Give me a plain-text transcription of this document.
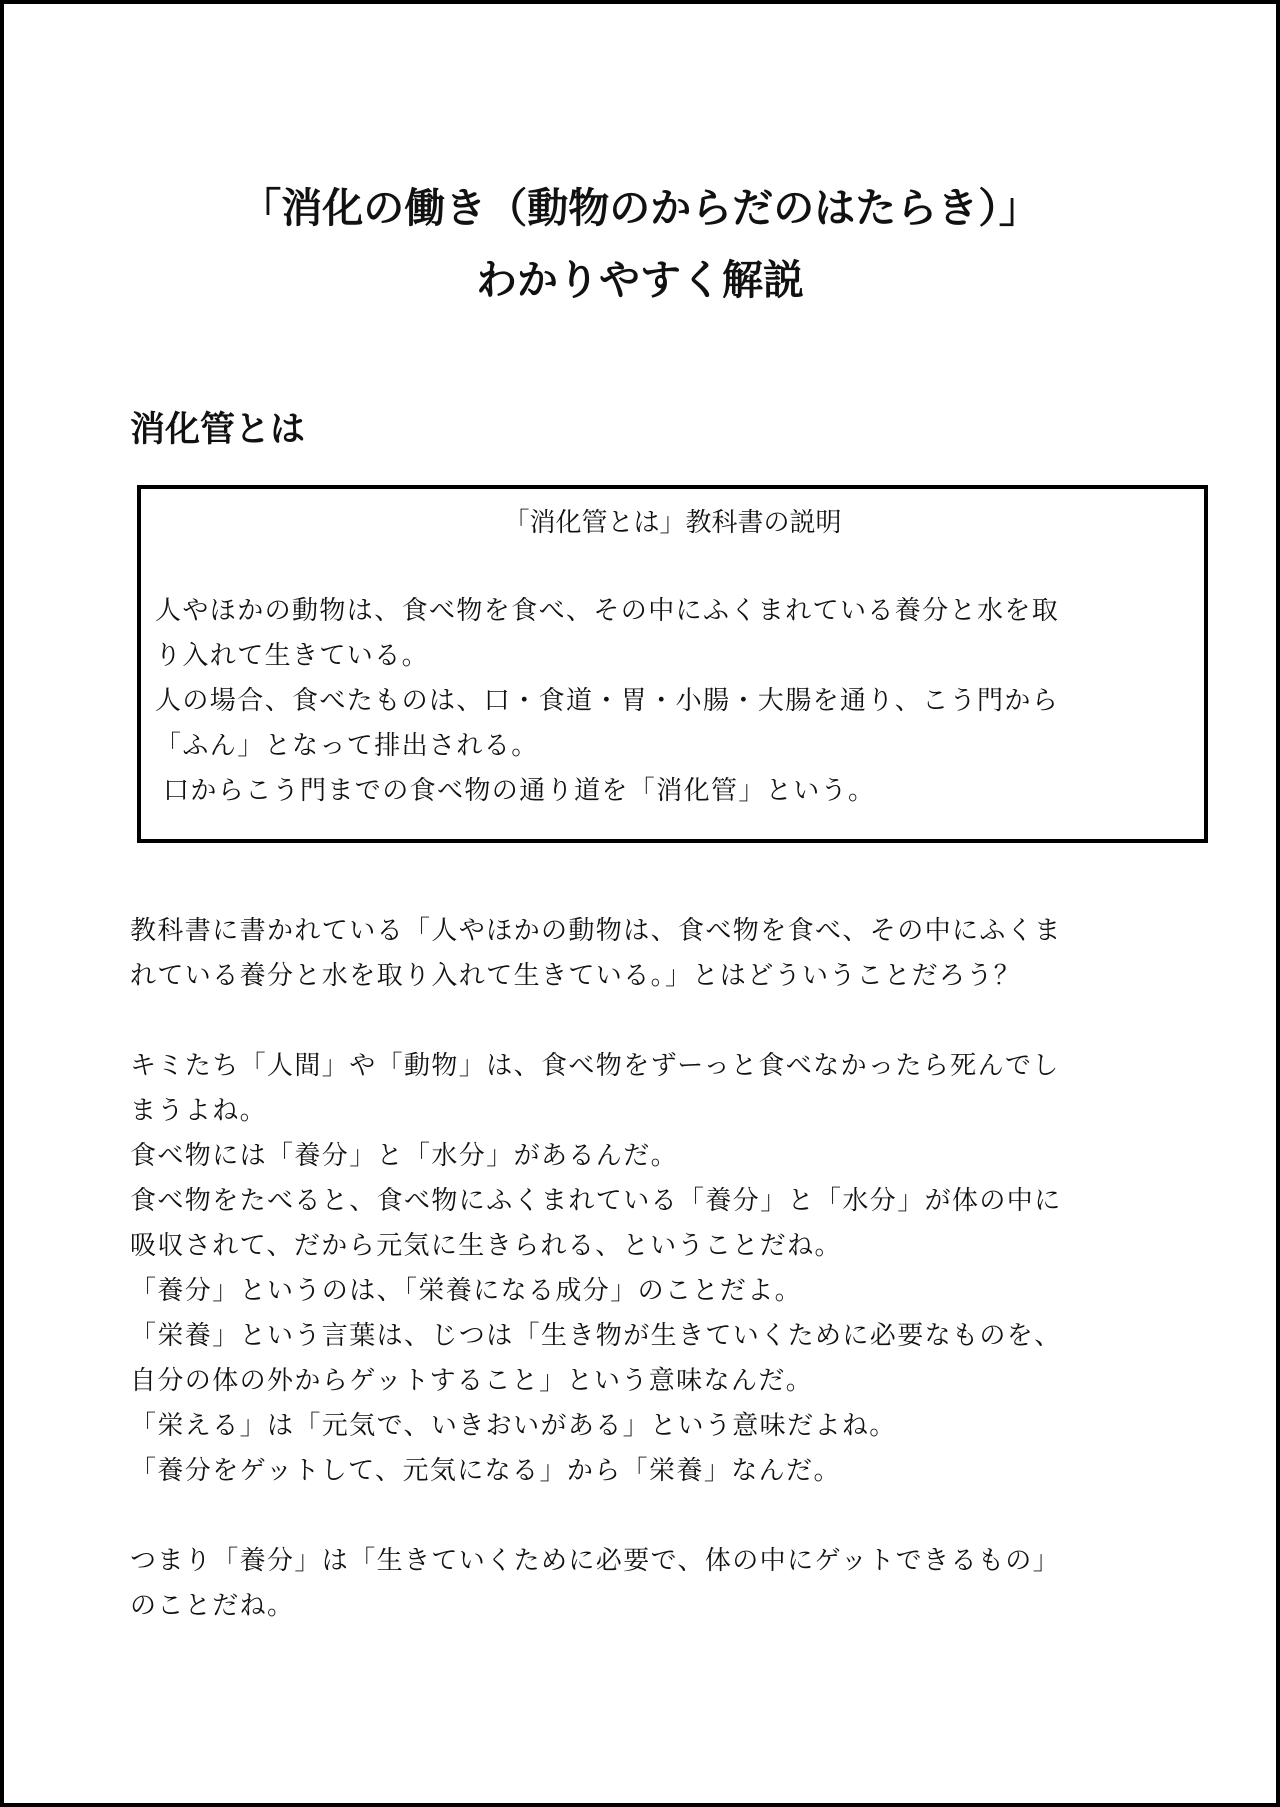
「消化の働き（動物のからだのはたらき）」
わかりやすく解説
消化管とは
「消化管とは」教科書の説明
人やほかの動物は、食べ物を食べ、その中にふくまれている養分と水を取
り入れて生きている。
人の場合、食べたものは、口・食道・胃・小腸・大腸を通り、こう門から
「ふん」となって排出される。
口からこう門までの食べ物の通り道を「消化管」という。
教科書に書かれている「人やほかの動物は、食べ物を食べ、その中にふくま
れている養分と水を取り入れて生きている。」とはどういうことだろう？
キミたち「人間」や「動物」は、食べ物をずーっと食べなかったら死んでし
まうよね。
食べ物には「養分」と「水分」があるんだ。
食べ物をたべると、食べ物にふくまれている「養分」と「水分」が体の中に
吸収されて、だから元気に生きられる、ということだね。
「養分」というのは、「栄養になる成分」のことだよ。
「栄養」という言葉は、じつは「生き物が生きていくために必要なものを、
自分の体の外からゲットすること」という意味なんだ。
「栄える」は「元気で、いきおいがある」という意味だよね。
「養分をゲットして、元気になる」から「栄養」なんだ。
つまり「養分」は「生きていくために必要で、体の中にゲットできるもの」
のことだね。
